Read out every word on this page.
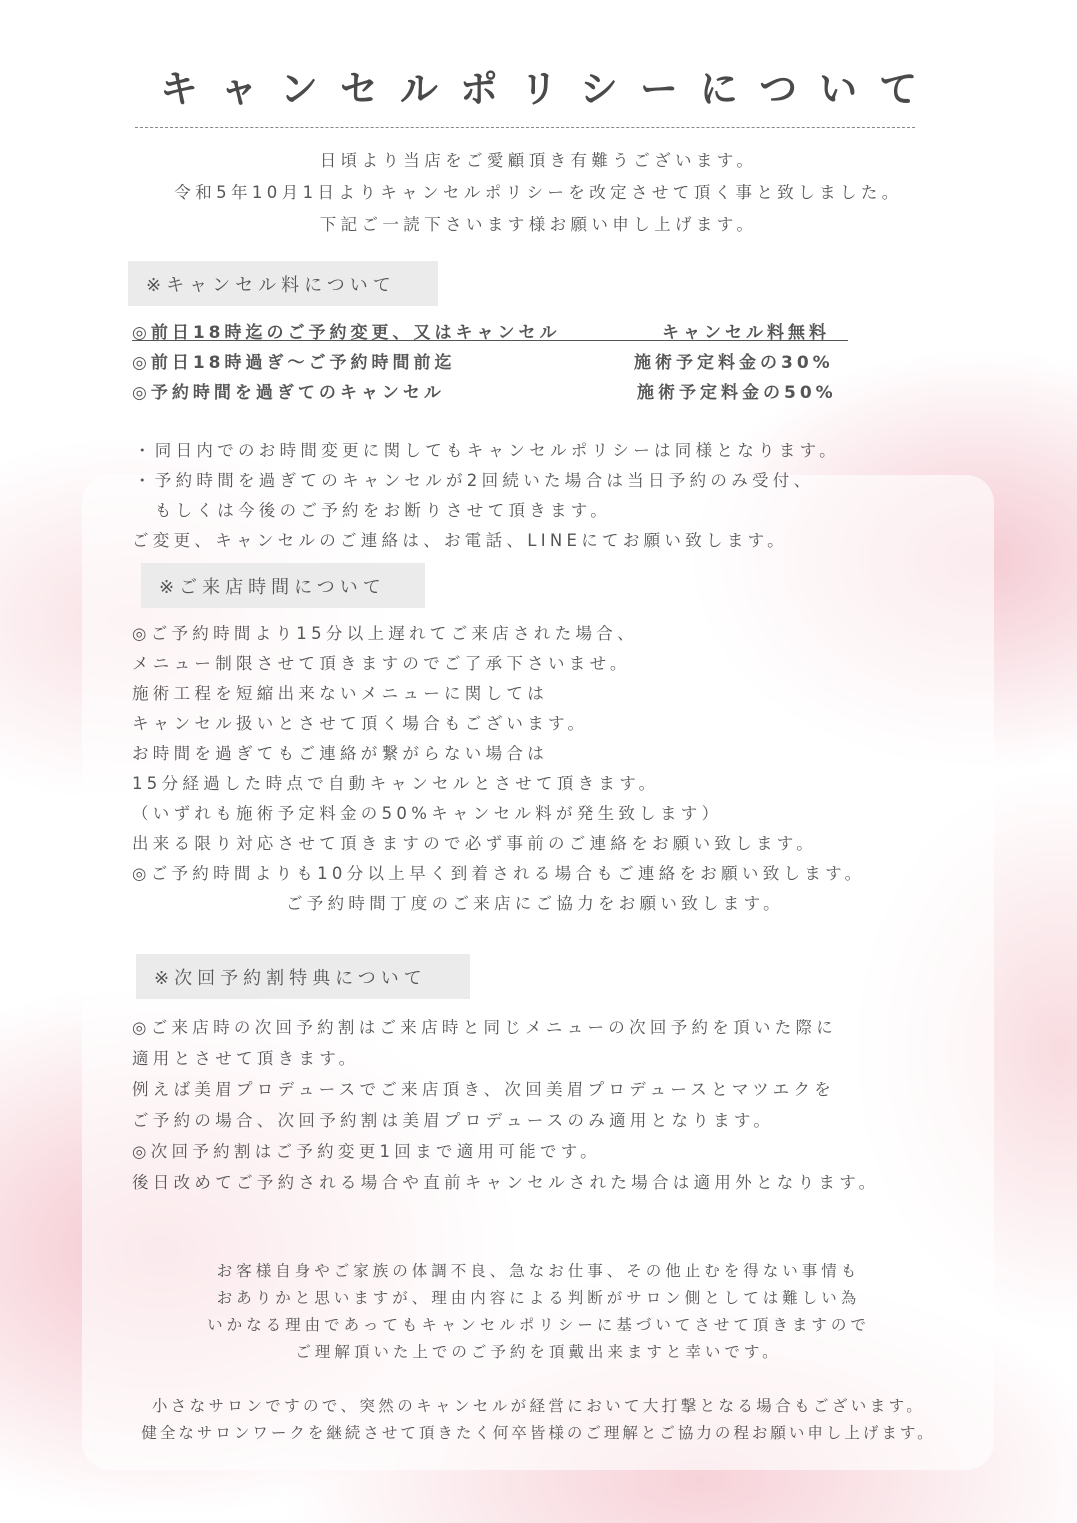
キャンセルポリシーについて
日頃より当店をご愛顧頂き有難うございます。
令和5年10月1日よりキャンセルポリシーを改定させて頂く事と致しました。
下記ご一読下さいます様お願い申し上げます。
※キャンセル料について
◎前日18時迄のご予約変更、又はキャンセル	キャンセル料無料
◎前日18時過ぎ〜ご予約時間前迄	施術予定料金の30%
◎予約時間を過ぎてのキャンセル	施術予定料金の50%
・同日内でのお時間変更に関してもキャンセルポリシーは同様となります。
・予約時間を過ぎてのキャンセルが2回続いた場合は当日予約のみ受付、
　もしくは今後のご予約をお断りさせて頂きます。
ご変更、キャンセルのご連絡は、お電話、LINEにてお願い致します。
※ご来店時間について
◎ご予約時間より15分以上遅れてご来店された場合、
メニュー制限させて頂きますのでご了承下さいませ。
施術工程を短縮出来ないメニューに関しては
キャンセル扱いとさせて頂く場合もございます。
お時間を過ぎてもご連絡が繋がらない場合は
15分経過した時点で自動キャンセルとさせて頂きます。
（いずれも施術予定料金の50%キャンセル料が発生致します）
出来る限り対応させて頂きますので必ず事前のご連絡をお願い致します。
◎ご予約時間よりも10分以上早く到着される場合もご連絡をお願い致します。
ご予約時間丁度のご来店にご協力をお願い致します。
※次回予約割特典について
◎ご来店時の次回予約割はご来店時と同じメニューの次回予約を頂いた際に
適用とさせて頂きます。
例えば美眉プロデュースでご来店頂き、次回美眉プロデュースとマツエクを
ご予約の場合、次回予約割は美眉プロデュースのみ適用となります。
◎次回予約割はご予約変更1回まで適用可能です。
後日改めてご予約される場合や直前キャンセルされた場合は適用外となります。
お客様自身やご家族の体調不良、急なお仕事、その他止むを得ない事情も
おありかと思いますが、理由内容による判断がサロン側としては難しい為
いかなる理由であってもキャンセルポリシーに基づいてさせて頂きますので
ご理解頂いた上でのご予約を頂戴出来ますと幸いです。
小さなサロンですので、突然のキャンセルが経営において大打撃となる場合もございます。
健全なサロンワークを継続させて頂きたく何卒皆様のご理解とご協力の程お願い申し上げます。
